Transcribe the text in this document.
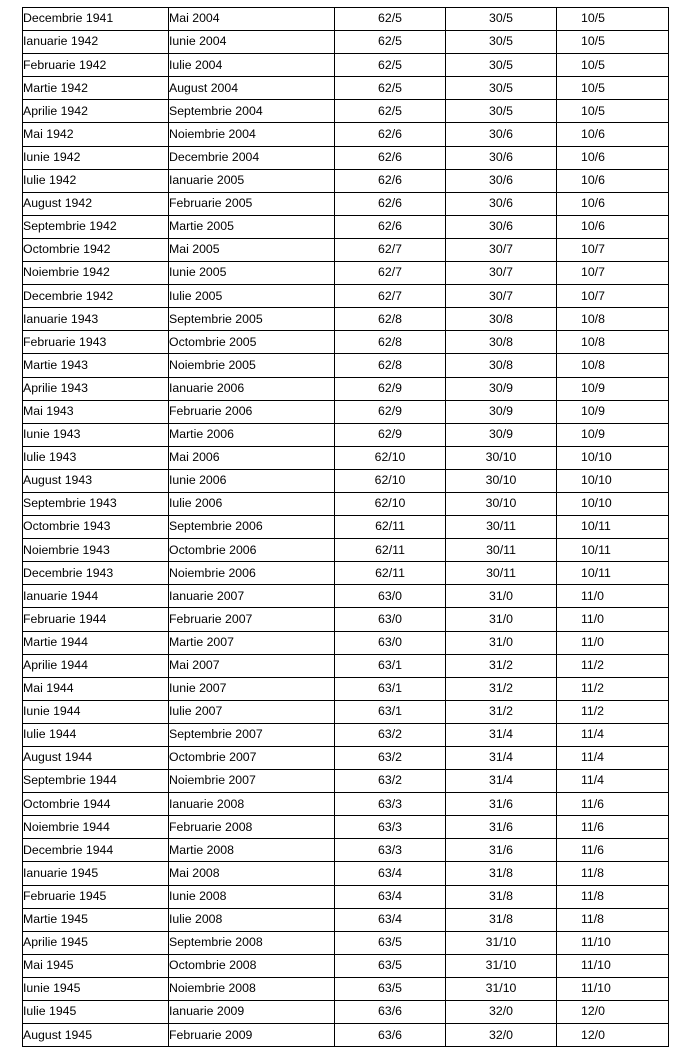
Decembrie 1941	Mai 2004	62/5	30/5	10/5
Ianuarie 1942	Iunie 2004	62/5	30/5	10/5
Februarie 1942	Iulie 2004	62/5	30/5	10/5
Martie 1942	August 2004	62/5	30/5	10/5
Aprilie 1942	Septembrie 2004	62/5	30/5	10/5
Mai 1942	Noiembrie 2004	62/6	30/6	10/6
Iunie 1942	Decembrie 2004	62/6	30/6	10/6
Iulie 1942	Ianuarie 2005	62/6	30/6	10/6
August 1942	Februarie 2005	62/6	30/6	10/6
Septembrie 1942	Martie 2005	62/6	30/6	10/6
Octombrie 1942	Mai 2005	62/7	30/7	10/7
Noiembrie 1942	Iunie 2005	62/7	30/7	10/7
Decembrie 1942	Iulie 2005	62/7	30/7	10/7
Ianuarie 1943	Septembrie 2005	62/8	30/8	10/8
Februarie 1943	Octombrie 2005	62/8	30/8	10/8
Martie 1943	Noiembrie 2005	62/8	30/8	10/8
Aprilie 1943	Ianuarie 2006	62/9	30/9	10/9
Mai 1943	Februarie 2006	62/9	30/9	10/9
Iunie 1943	Martie 2006	62/9	30/9	10/9
Iulie 1943	Mai 2006	62/10	30/10	10/10
August 1943	Iunie 2006	62/10	30/10	10/10
Septembrie 1943	Iulie 2006	62/10	30/10	10/10
Octombrie 1943	Septembrie 2006	62/11	30/11	10/11
Noiembrie 1943	Octombrie 2006	62/11	30/11	10/11
Decembrie 1943	Noiembrie 2006	62/11	30/11	10/11
Ianuarie 1944	Ianuarie 2007	63/0	31/0	11/0
Februarie 1944	Februarie 2007	63/0	31/0	11/0
Martie 1944	Martie 2007	63/0	31/0	11/0
Aprilie 1944	Mai 2007	63/1	31/2	11/2
Mai 1944	Iunie 2007	63/1	31/2	11/2
Iunie 1944	Iulie 2007	63/1	31/2	11/2
Iulie 1944	Septembrie 2007	63/2	31/4	11/4
August 1944	Octombrie 2007	63/2	31/4	11/4
Septembrie 1944	Noiembrie 2007	63/2	31/4	11/4
Octombrie 1944	Ianuarie 2008	63/3	31/6	11/6
Noiembrie 1944	Februarie 2008	63/3	31/6	11/6
Decembrie 1944	Martie 2008	63/3	31/6	11/6
Ianuarie 1945	Mai 2008	63/4	31/8	11/8
Februarie 1945	Iunie 2008	63/4	31/8	11/8
Martie 1945	Iulie 2008	63/4	31/8	11/8
Aprilie 1945	Septembrie 2008	63/5	31/10	11/10
Mai 1945	Octombrie 2008	63/5	31/10	11/10
Iunie 1945	Noiembrie 2008	63/5	31/10	11/10
Iulie 1945	Ianuarie 2009	63/6	32/0	12/0
August 1945	Februarie 2009	63/6	32/0	12/0
